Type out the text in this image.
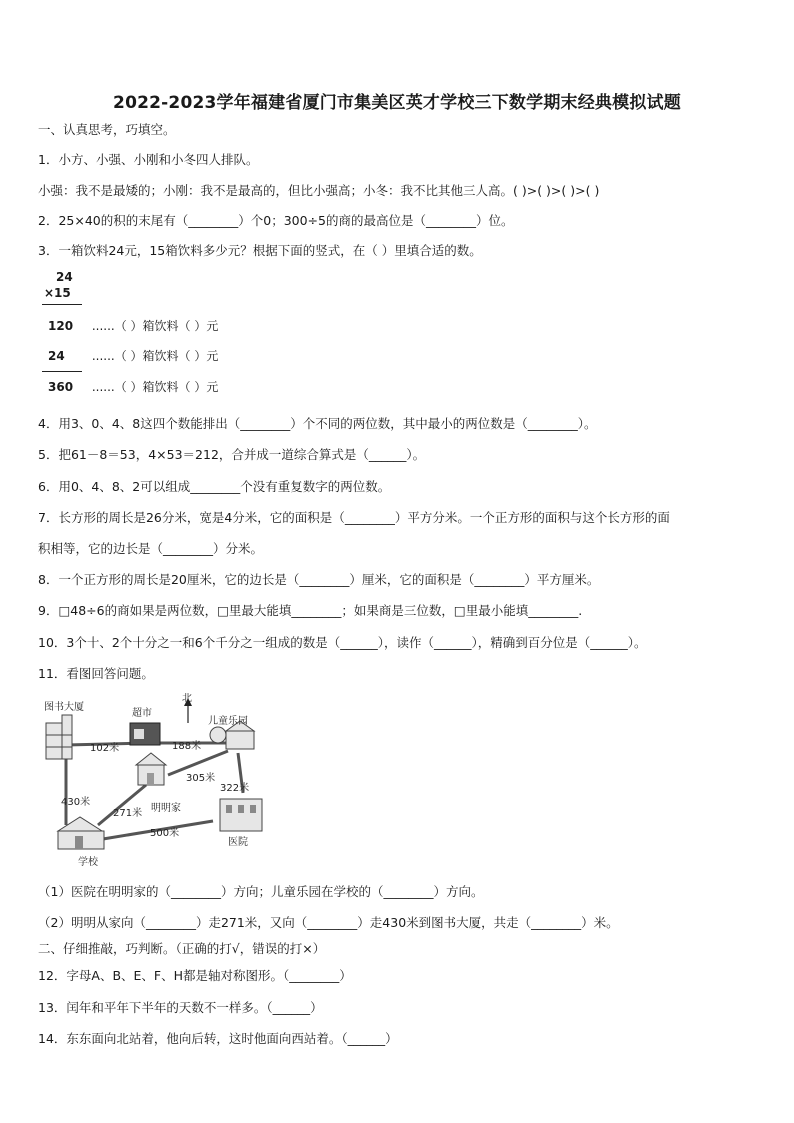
2022-2023学年福建省厦门市集美区英才学校三下数学期末经典模拟试题
一、认真思考，巧填空。
1．小方、小强、小刚和小冬四人排队。
小强：我不是最矮的；小刚：我不是最高的，但比小强高；小冬：我不比其他三人高。( )>( )>( )>( )
2．25×40的积的末尾有（________）个0；300÷5的商的最高位是（________）位。
3．一箱饮料24元，15箱饮料多少元？根据下面的竖式，在（ ）里填合适的数。
24
×15
120 ......（ ）箱饮料（ ）元
24 ......（ ）箱饮料（ ）元
360 ......（ ）箱饮料（ ）元
4．用3、0、4、8这四个数能排出（________）个不同的两位数，其中最小的两位数是（________）。
5．把61－8＝53，4×53＝212，合并成一道综合算式是（______）。
6．用0、4、8、2可以组成________个没有重复数字的两位数。
7．长方形的周长是26分米，宽是4分米，它的面积是（________）平方分米。一个正方形的面积与这个长方形的面
积相等，它的边长是（________）分米。
8．一个正方形的周长是20厘米，它的边长是（________）厘米，它的面积是（________）平方厘米。
9．□48÷6的商如果是两位数，□里最大能填________；如果商是三位数，□里最小能填________.
10．3个十、2个十分之一和6个千分之一组成的数是（______），读作（______），精确到百分位是（______）。
11．看图回答问题。
图书大厦
超市
北
儿童乐园
明明家
医院
学校
102米	188米
305米
322米
430米
271米
500米
（1）医院在明明家的（________）方向；儿童乐园在学校的（________）方向。
（2）明明从家向（________）走271米，又向（________）走430米到图书大厦，共走（________）米。
二、仔细推敲，巧判断。（正确的打√，错误的打×）
12．字母A、B、E、F、H都是轴对称图形。（________）
13．闰年和平年下半年的天数不一样多。（______）
14．东东面向北站着，他向后转，这时他面向西站着。（______）
